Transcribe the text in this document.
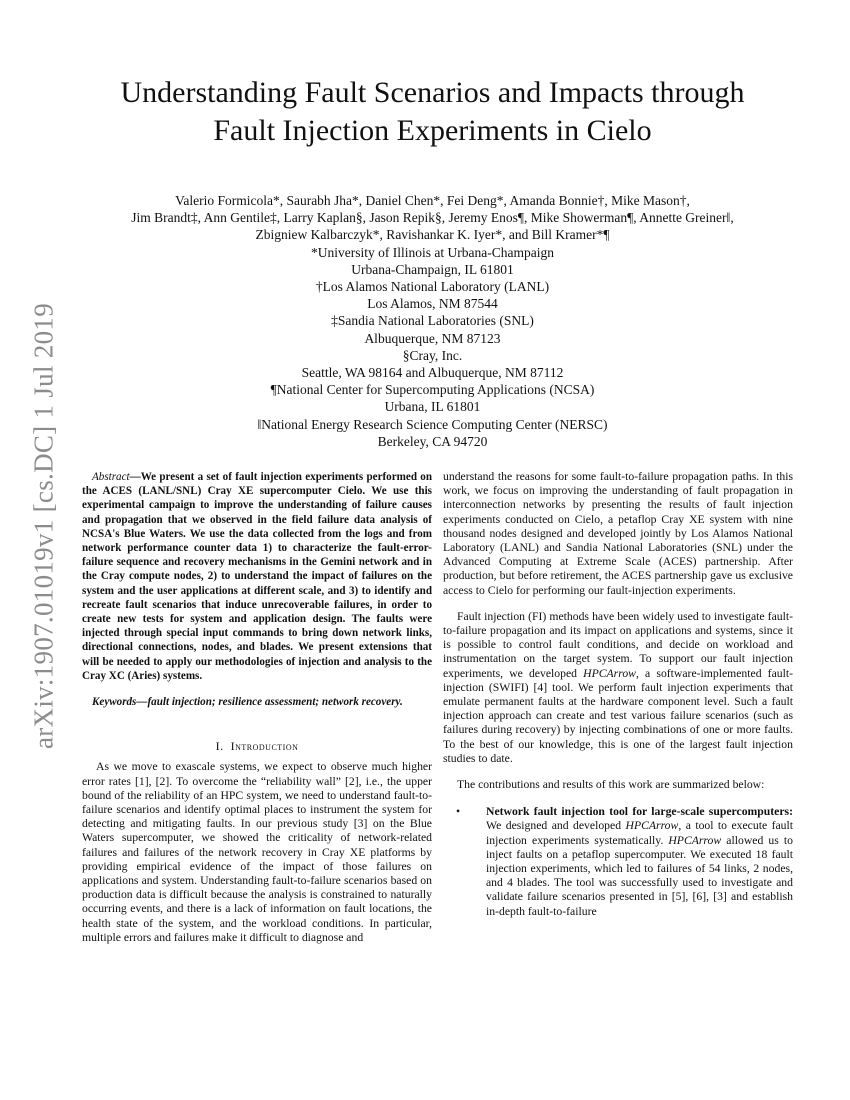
arXiv:1907.01019v1 [cs.DC] 1 Jul 2019
Understanding Fault Scenarios and Impacts through
Fault Injection Experiments in Cielo
Valerio Formicola*, Saurabh Jha*, Daniel Chen*, Fei Deng*, Amanda Bonnie†, Mike Mason†,
Jim Brandt‡, Ann Gentile‡, Larry Kaplan§, Jason Repik§, Jeremy Enos¶, Mike Showerman¶, Annette Greiner‖,
Zbigniew Kalbarczyk*, Ravishankar K. Iyer*, and Bill Kramer*¶
*University of Illinois at Urbana-Champaign
Urbana-Champaign, IL 61801
†Los Alamos National Laboratory (LANL)
Los Alamos, NM 87544
‡Sandia National Laboratories (SNL)
Albuquerque, NM 87123
§Cray, Inc.
Seattle, WA 98164 and Albuquerque, NM 87112
¶National Center for Supercomputing Applications (NCSA)
Urbana, IL 61801
‖National Energy Research Science Computing Center (NERSC)
Berkeley, CA 94720

Abstract—We present a set of fault injection experiments performed on the ACES (LANL/SNL) Cray XE supercomputer Cielo. We use this experimental campaign to improve the understanding of failure causes and propagation that we observed in the field failure data analysis of NCSA's Blue Waters. We use the data collected from the logs and from network performance counter data 1) to characterize the fault-error-failure sequence and recovery mechanisms in the Gemini network and in the Cray compute nodes, 2) to understand the impact of failures on the system and the user applications at different scale, and 3) to identify and recreate fault scenarios that induce unrecoverable failures, in order to create new tests for system and application design. The faults were injected through special input commands to bring down network links, directional connections, nodes, and blades. We present extensions that will be needed to apply our methodologies of injection and analysis to the Cray XC (Aries) systems.

Keywords—fault injection; resilience assessment; network recovery.

I. Introduction

As we move to exascale systems, we expect to observe much higher error rates [1], [2]. To overcome the “reliability wall” [2], i.e., the upper bound of the reliability of an HPC system, we need to understand fault-to-failure scenarios and identify optimal places to instrument the system for detecting and mitigating faults. In our previous study [3] on the Blue Waters supercomputer, we showed the criticality of network-related failures and failures of the network recovery in Cray XE platforms by providing empirical evidence of the impact of those failures on applications and system. Understanding fault-to-failure scenarios based on production data is difficult because the analysis is constrained to naturally occurring events, and there is a lack of information on fault locations, the health state of the system, and the workload conditions. In particular, multiple errors and failures make it difficult to diagnose and

understand the reasons for some fault-to-failure propagation paths. In this work, we focus on improving the understanding of fault propagation in interconnection networks by presenting the results of fault injection experiments conducted on Cielo, a petaflop Cray XE system with nine thousand nodes designed and developed jointly by Los Alamos National Laboratory (LANL) and Sandia National Laboratories (SNL) under the Advanced Computing at Extreme Scale (ACES) partnership. After production, but before retirement, the ACES partnership gave us exclusive access to Cielo for performing our fault-injection experiments.

Fault injection (FI) methods have been widely used to investigate fault-to-failure propagation and its impact on applications and systems, since it is possible to control fault conditions, and decide on workload and instrumentation on the target system. To support our fault injection experiments, we developed HPCArrow, a software-implemented fault-injection (SWIFI) [4] tool. We perform fault injection experiments that emulate permanent faults at the hardware component level. Such a fault injection approach can create and test various failure scenarios (such as failures during recovery) by injecting combinations of one or more faults. To the best of our knowledge, this is one of the largest fault injection studies to date.

The contributions and results of this work are summarized below:

• Network fault injection tool for large-scale supercomputers: We designed and developed HPCArrow, a tool to execute fault injection experiments systematically. HPCArrow allowed us to inject faults on a petaflop supercomputer. We executed 18 fault injection experiments, which led to failures of 54 links, 2 nodes, and 4 blades. The tool was successfully used to investigate and validate failure scenarios presented in [5], [6], [3] and establish in-depth fault-to-failure
